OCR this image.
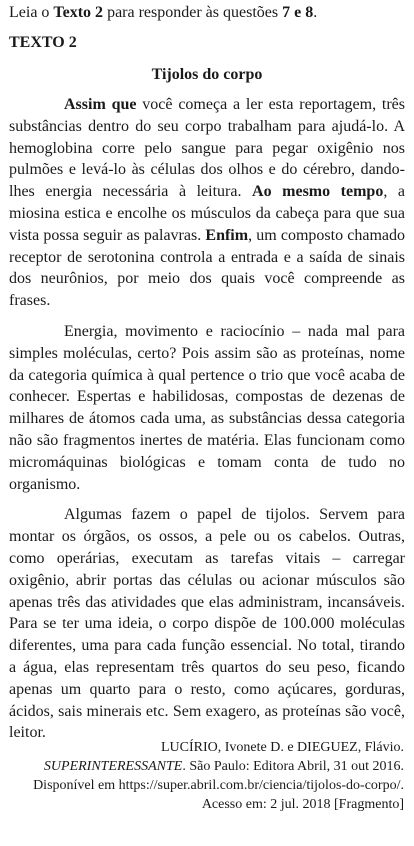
Leia o Texto 2 para responder às questões 7 e 8.
TEXTO 2
Tijolos do corpo

Assim que você começa a ler esta reportagem, três substâncias dentro do seu corpo trabalham para ajudá-lo. A hemoglobina corre pelo sangue para pegar oxigênio nos pulmões e levá-lo às células dos olhos e do cérebro, dando-lhes energia necessária à leitura. Ao mesmo tempo, a miosina estica e encolhe os músculos da cabeça para que sua vista possa seguir as palavras. Enfim, um composto chamado receptor de serotonina controla a entrada e a saída de sinais dos neurônios, por meio dos quais você compreende as frases.

Energia, movimento e raciocínio – nada mal para simples moléculas, certo? Pois assim são as proteínas, nome da categoria química à qual pertence o trio que você acaba de conhecer. Espertas e habilidosas, compostas de dezenas de milhares de átomos cada uma, as substâncias dessa categoria não são fragmentos inertes de matéria. Elas funcionam como micromáquinas biológicas e tomam conta de tudo no organismo.

Algumas fazem o papel de tijolos. Servem para montar os órgãos, os ossos, a pele ou os cabelos. Outras, como operárias, executam as tarefas vitais – carregar oxigênio, abrir portas das células ou acionar músculos são apenas três das atividades que elas administram, incansáveis. Para se ter uma ideia, o corpo dispõe de 100.000 moléculas diferentes, uma para cada função essencial. No total, tirando a água, elas representam três quartos do seu peso, ficando apenas um quarto para o resto, como açúcares, gorduras, ácidos, sais minerais etc. Sem exagero, as proteínas são você, leitor.

LUCÍRIO, Ivonete D. e DIEGUEZ, Flávio.
SUPERINTERESSANTE. São Paulo: Editora Abril, 31 out 2016.
Disponível em https://super.abril.com.br/ciencia/tijolos-do-corpo/.
Acesso em: 2 jul. 2018 [Fragmento]
